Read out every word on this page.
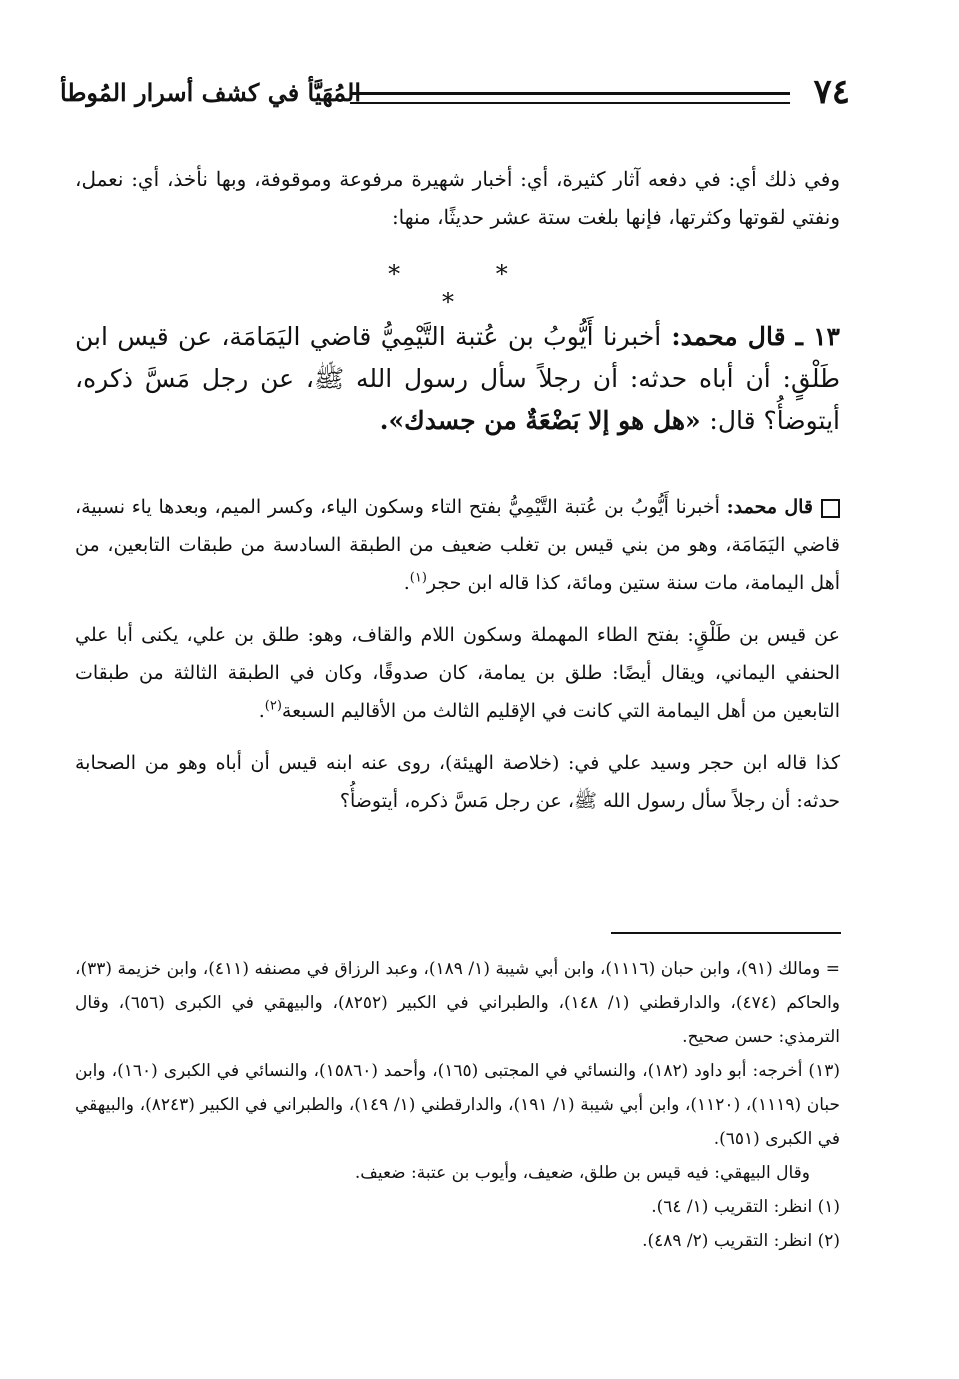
٧٤
المُهَيَّأ في كشف أسرار المُوطأ

وفي ذلك أي: في دفعه آثار كثيرة، أي: أخبار شهيرة مرفوعة وموقوفة، وبها نأخذ، أي: نعمل، ونفتي لقوتها وكثرتها، فإنها بلغت ستة عشر حديثًا، منها:

* * *

١٣ ـ قال محمد: أخبرنا أَيُّوبُ بن عُتبة التَّيْمِيُّ قاضي اليَمَامَة، عن قيس ابن طَلْقٍ: أن أباه حدثه: أن رجلاً سأل رسول الله ﷺ، عن رجل مَسَّ ذكره، أيتوضأُ؟ قال: «هل هو إلا بَضْعَةٌ من جسدك».

قال محمد: أخبرنا أَيُّوبُ بن عُتبة التَّيْمِيُّ بفتح التاء وسكون الياء، وكسر الميم، وبعدها ياء نسبية، قاضي اليَمَامَة، وهو من بني قيس بن تغلب ضعيف من الطبقة السادسة من طبقات التابعين، من أهل اليمامة، مات سنة ستين ومائة، كذا قاله ابن حجر$^{(١)}$.

عن قيس بن طَلْقٍ: بفتح الطاء المهملة وسكون اللام والقاف، وهو: طلق بن علي، يكنى أبا علي الحنفي اليماني، ويقال أيضًا: طلق بن يمامة، كان صدوقًا، وكان في الطبقة الثالثة من طبقات التابعين من أهل اليمامة التي كانت في الإقليم الثالث من الأقاليم السبعة$^{(٢)}$.

كذا قاله ابن حجر وسيد علي في: (خلاصة الهيئة)، روى عنه ابنه قيس أن أباه وهو من الصحابة حدثه: أن رجلاً سأل رسول الله ﷺ، عن رجل مَسَّ ذكره، أيتوضأُ؟

= ومالك (٩١)، وابن حبان (١١١٦)، وابن أبي شيبة (١/ ١٨٩)، وعبد الرزاق في مصنفه (٤١١)، وابن خزيمة (٣٣)، والحاكم (٤٧٤)، والدارقطني (١/ ١٤٨)، والطبراني في الكبير (٨٢٥٢)، والبيهقي في الكبرى (٦٥٦)، وقال الترمذي: حسن صحيح.

(١٣) أخرجه: أبو داود (١٨٢)، والنسائي في المجتبى (١٦٥)، وأحمد (١٥٨٦٠)، والنسائي في الكبرى (١٦٠)، وابن حبان (١١١٩)، (١١٢٠)، وابن أبي شيبة (١/ ١٩١)، والدارقطني (١/ ١٤٩)، والطبراني في الكبير (٨٢٤٣)، والبيهقي في الكبرى (٦٥١).

وقال البيهقي: فيه قيس بن طلق، ضعيف، وأيوب بن عتبة: ضعيف.

(١) انظر: التقريب (١/ ٦٤).

(٢) انظر: التقريب (٢/ ٤٨٩).
